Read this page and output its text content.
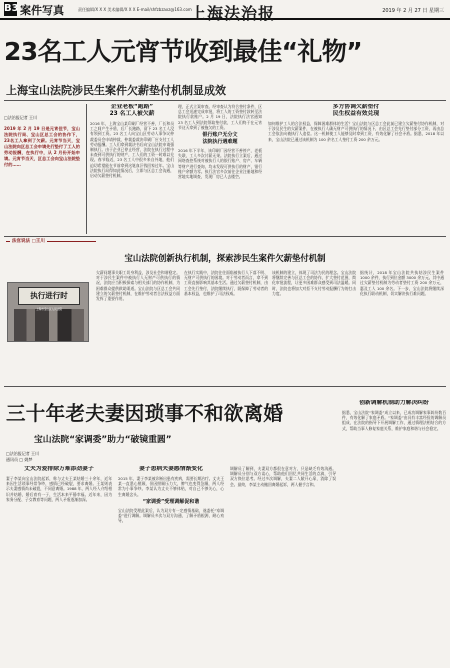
B3 案件写真	责任编辑/X X X 美术编辑/X X X E-mail/shfzbzaxz@163.com
上海法治报	2019 年 2 月 27 日 星期三
23名工人元宵节收到最佳“礼物”
上海宝山法院涉民生案件欠薪垫付机制显成效
□法治报记者 王川
2019 年 2 月 19 日是元宵佳节，宝山法院执行局、宝山区总工会的协作下，23名工人拿到了欠薪。元宵节当天，宝山法院向区总工会申请先行垫付了工人的劳动报酬，在执行中，从 2 月份开始申请。元宵节当天，区总工会向宝山法院垫付的……
企业老板“跑路”
23 名工人被欠薪
2016 年，上海宝山某印刷厂经营不善，厂长和员工之间产生矛盾，后厂长跑路，留下 23 名工人没有领到工资。23 名工人向宝山区劳动人事争议仲裁委员会申请仲裁，仲裁委裁决印刷厂应支付工人劳动报酬。工人们拿到裁决书后向宝山法院申请强制执行。由于企业已停止经营，法院在执行过程中未查到可供执行的财产，工人们的工资一时难以兑现。春节临近，23 名工人中很多来自外地，他们迫切希望能在节前拿到这笔血汗钱回家过年。宝山法院执行局得知此情况后，立即与区总工会沟通，启动欠薪垫付机制。
理，正式立案审查。经审查认为符合垫付条件，区总工会迅速完成审批，将工人的工资垫付款转至法院执行款账户。2 月 19 日，法院执行法官通知 23 名工人到法院领取垫付款，工人们终于在元宵节这天拿到了被拖欠的工资。
银行账户无分文
法院执行遇难题
2016 年下半年，该印刷厂因经营不善停产，老板失联，工人多次讨薪无果。法院执行立案后，通过网络查控系统对被执行人的银行账户、房产、车辆等财产进行查询，均未发现可供执行的财产，银行账户余额为零。执行法官多次前往企业注册地和经营地实地调查，发现厂房已人去楼空。
多方协调欠薪垫付
民生权益有效兑现
如何维护工人的合法权益，保障困难群体的生活？宝山法院与区总工会此前已建立欠薪垫付协作机制，对于涉及民生的欠薪案件，在被执行人确无财产可供执行的情况下，由区总工会先行垫付部分工资，再由总工会依法向被执行人追偿。这一机制使工人能够及时拿到工资，有效化解了社会矛盾。据悉，2018 年以来，宝山法院已通过该机制为 100 余名工人垫付工资 200 余万元。
法官说法 □王川
宝山法院创新执行机制，探索涉民生案件欠薪垫付机制
执行进行时
上海市宝山区人民法院
欠薪问题事关职工切身利益，涉及社会和谐稳定。对于涉民生案件中被执行人无财产可供执行的情况，法院应当积极探索与相关部门的协作机制，为困难群众提供救助渠道。宝山法院与区总工会共同建立的欠薪垫付机制，在维护劳动者合法权益方面发挥了重要作用。
在执行实践中，法院往往面临被执行人下落不明、无财产可供执行的困境。对于劳动者而言，拿不到工资直接影响其基本生活。通过欠薪垫付机制，由工会先行垫付，法院继续执行，既保障了劳动者的基本权益，也维护了司法权威。
该机制的建立，体现了司法为民的理念。宝山法院将继续完善与区总工会的协作，扩大垫付范围，简化审批流程，让更多困难群众感受到司法温暖。同时，法院也将加大对拒不支付劳动报酬行为的打击力度。
据统计，2018 年宝山法院共执结涉民生案件 1000 余件，执行到位金额 3000 余万元。其中通过欠薪垫付机制为劳动者垫付工资 200 余万元，惠及工人 100 余名。下一步，宝山法院将继续深化执行联动机制，切实解决执行难问题。
三十年老夫妻因琐事不和欲离婚
宝山法院“家调委”助力“破镜重圆”
□法治报记者 王川
通讯员 □ 姚梦
丈夫为爱排除万难添劲妻子
妻子李某向宝山法院起诉，称与丈夫王某结婚三十余年，近年来因生活琐事经常争吵，感情已经破裂，要求离婚。王某则表示夫妻感情尚未破裂，不同意离婚。1988 年，两人经人介绍相识并结婚，婚后育有一子，生活本来平静幸福。近年来，因为家务分配、子女教育等问题，两人矛盾逐渐加深。
妻子患病夫妻感情渐变化
2015 年，妻子李某被诊断出患有疾病，需要长期治疗。丈夫王某一直悉心照顾，但因照顾压力大，脾气也变得急躁，两人经常为小事争吵。李某认为丈夫不够体贴，对自己不够关心，心生离婚念头。
“家调委”受理调解促和谐
宝山法院受理此案后，认为双方有一定感情基础，遂委托“家调委”进行调解。调解员多次与双方沟通，了解矛盾根源，耐心劝导。
调解员了解到，夫妻双方都很在意对方，只是缺乏有效沟通。调解员分别与双方谈心，帮助他们回忆共同生活的点滴，引导双方换位思考。经过多次调解，夫妻二人敞开心扉，消除了误会。最终，李某主动撤回离婚起诉，两人握手言和。
创新调解机制助力解决纠纷
据悉，宝山法院“家调委”成立以来，已成功调解家事纠纷数百件，有效化解了家庭矛盾。“家调委”由具有丰富经验的调解员组成，在法院的指导下开展调解工作，通过情理法相结合的方式，帮助当事人修复家庭关系，维护家庭和谐与社会稳定。
